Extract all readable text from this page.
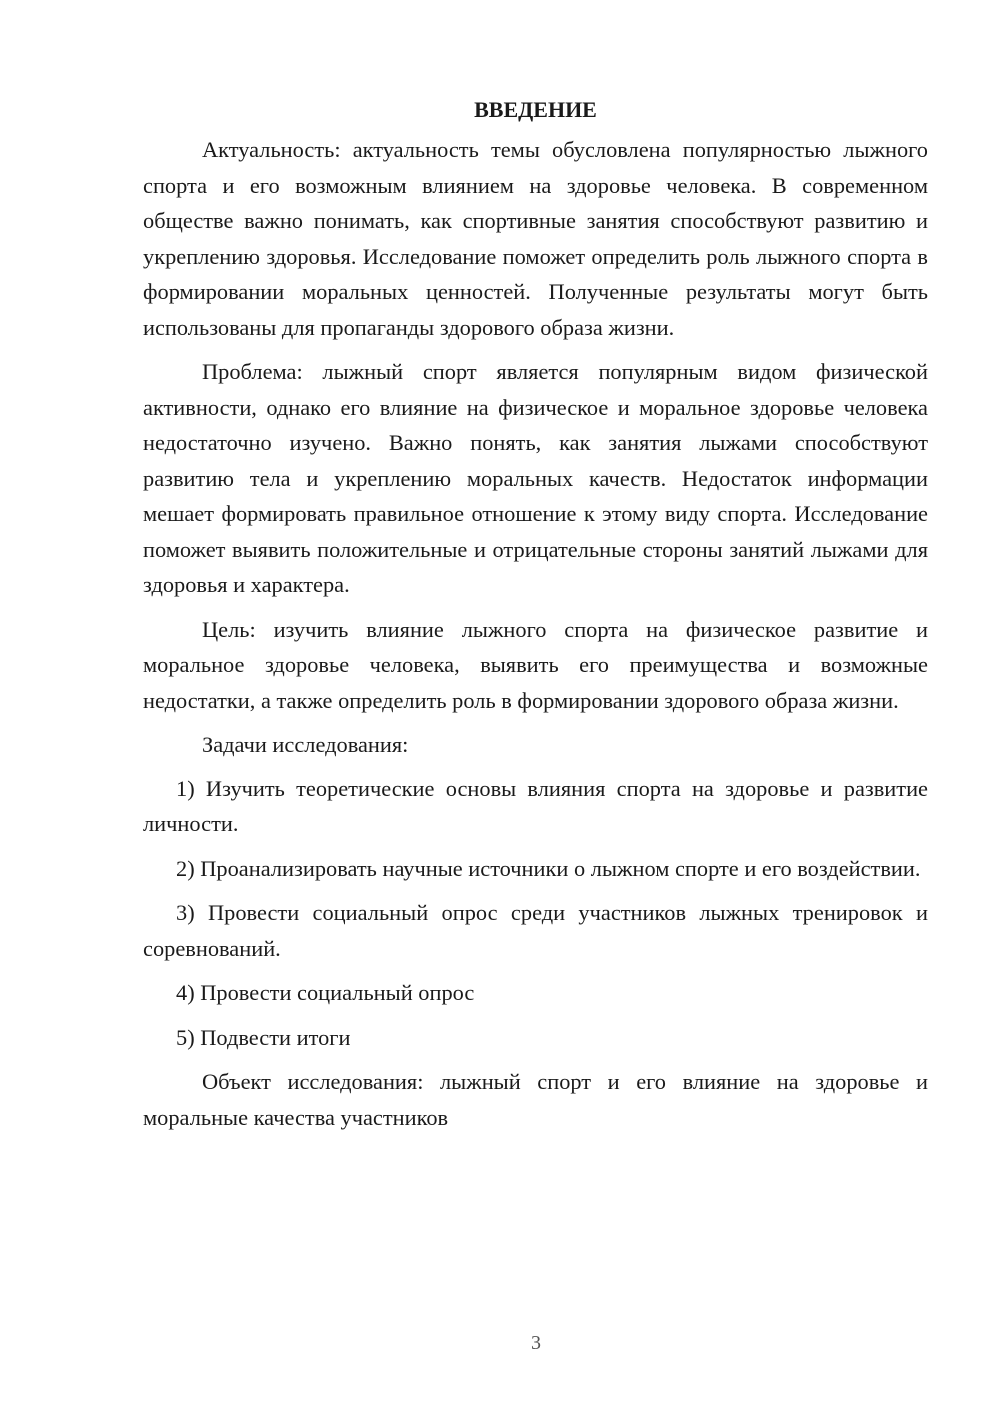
ВВЕДЕНИЕ

Актуальность: актуальность темы обусловлена популярностью лыжного спорта и его возможным влиянием на здоровье человека. В современном обществе важно понимать, как спортивные занятия способствуют развитию и укреплению здоровья. Исследование поможет определить роль лыжного спорта в формировании моральных ценностей. Полученные результаты могут быть использованы для пропаганды здорового образа жизни.

Проблема: лыжный спорт является популярным видом физической активности, однако его влияние на физическое и моральное здоровье человека недостаточно изучено. Важно понять, как занятия лыжами способствуют развитию тела и укреплению моральных качеств. Недостаток информации мешает формировать правильное отношение к этому виду спорта. Исследование поможет выявить положительные и отрицательные стороны занятий лыжами для здоровья и характера.

Цель: изучить влияние лыжного спорта на физическое развитие и моральное здоровье человека, выявить его преимущества и возможные недостатки, а также определить роль в формировании здорового образа жизни.

Задачи исследования:

1) Изучить теоретические основы влияния спорта на здоровье и развитие личности.

2) Проанализировать научные источники о лыжном спорте и его воздействии.

3) Провести социальный опрос среди участников лыжных тренировок и соревнований.

4) Провести социальный опрос

5) Подвести итоги

Объект исследования: лыжный спорт и его влияние на здоровье и моральные качества участников

3
